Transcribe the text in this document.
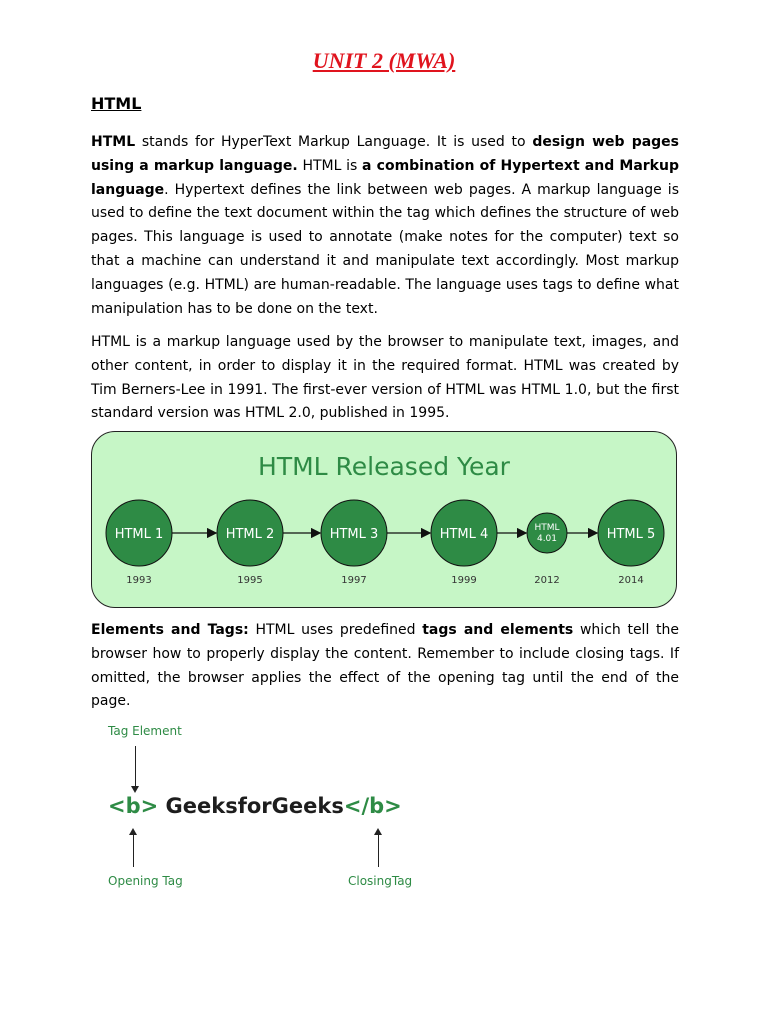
UNIT 2 (MWA)
HTML

HTML stands for HyperText Markup Language. It is used to design web pages using a markup language. HTML is a combination of Hypertext and Markup language. Hypertext defines the link between web pages. A markup language is used to define the text document within the tag which defines the structure of web pages. This language is used to annotate (make notes for the computer) text so that a machine can understand it and manipulate text accordingly. Most markup languages (e.g. HTML) are human-readable. The language uses tags to define what manipulation has to be done on the text.

HTML is a markup language used by the browser to manipulate text, images, and other content, in order to display it in the required format. HTML was created by Tim Berners-Lee in 1991. The first-ever version of HTML was HTML 1.0, but the first standard version was HTML 2.0, published in 1995.

HTML Released Year
HTML 1
1993
HTML 2
1995
HTML 3
1997
HTML 4
1999
HTML
4.01
2012
HTML 5
2014

Elements and Tags: HTML uses predefined tags and elements which tell the browser how to properly display the content. Remember to include closing tags. If omitted, the browser applies the effect of the opening tag until the end of the page.

Tag Element
<b> GeeksforGeeks</b>
Opening Tag	ClosingTag
